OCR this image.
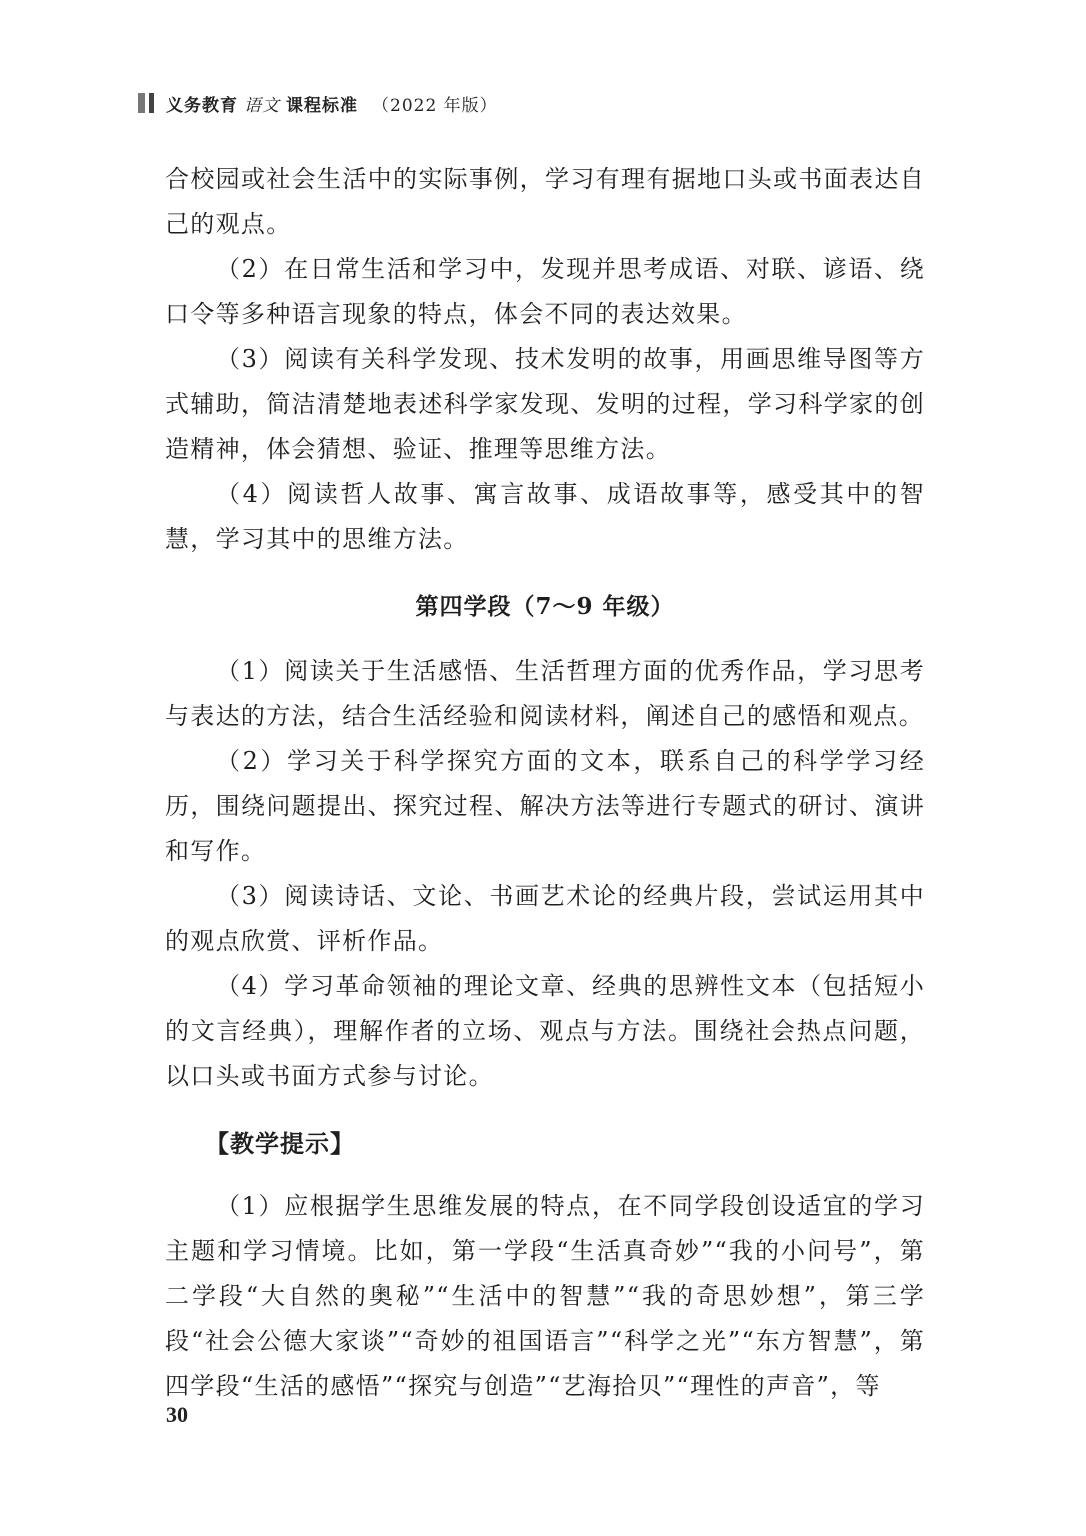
义务教育 语文 课程标准 （2022 年版）

合校园或社会生活中的实际事例，学习有理有据地口头或书面表达自己的观点。

（2）在日常生活和学习中，发现并思考成语、对联、谚语、绕口令等多种语言现象的特点，体会不同的表达效果。

（3）阅读有关科学发现、技术发明的故事，用画思维导图等方式辅助，简洁清楚地表述科学家发现、发明的过程，学习科学家的创造精神，体会猜想、验证、推理等思维方法。

（4）阅读哲人故事、寓言故事、成语故事等，感受其中的智慧，学习其中的思维方法。

第四学段（7～9 年级）

（1）阅读关于生活感悟、生活哲理方面的优秀作品，学习思考与表达的方法，结合生活经验和阅读材料，阐述自己的感悟和观点。

（2）学习关于科学探究方面的文本，联系自己的科学学习经历，围绕问题提出、探究过程、解决方法等进行专题式的研讨、演讲和写作。

（3）阅读诗话、文论、书画艺术论的经典片段，尝试运用其中的观点欣赏、评析作品。

（4）学习革命领袖的理论文章、经典的思辨性文本（包括短小的文言经典），理解作者的立场、观点与方法。围绕社会热点问题，以口头或书面方式参与讨论。

【教学提示】

（1）应根据学生思维发展的特点，在不同学段创设适宜的学习主题和学习情境。比如，第一学段“生活真奇妙”“我的小问号”，第二学段“大自然的奥秘”“生活中的智慧”“我的奇思妙想”，第三学段“社会公德大家谈”“奇妙的祖国语言”“科学之光”“东方智慧”，第四学段“生活的感悟”“探究与创造”“艺海拾贝”“理性的声音”，等

30
